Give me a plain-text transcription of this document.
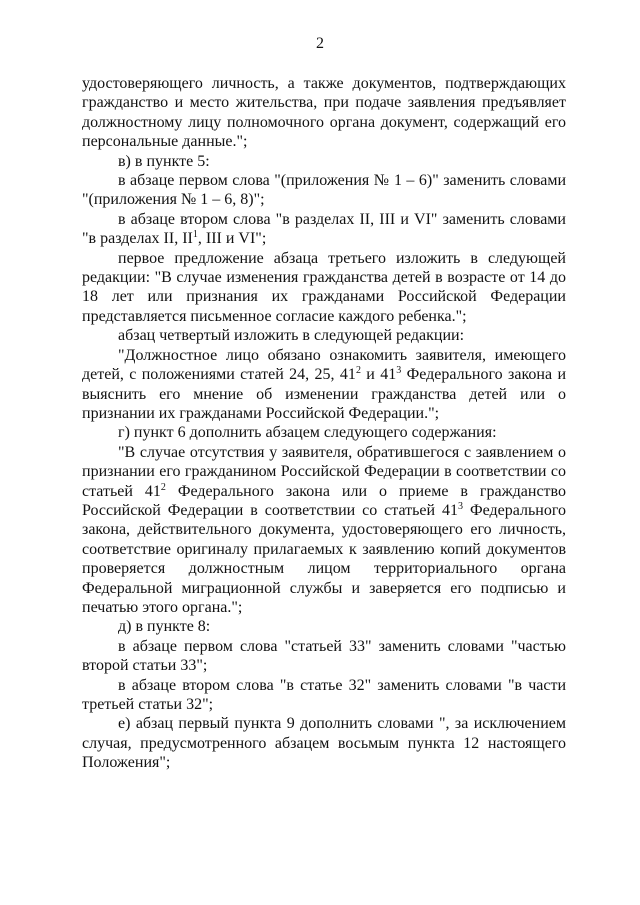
2

удостоверяющего личность, а также документов, подтверждающих гражданство и место жительства, при подаче заявления предъявляет должностному лицу полномочного органа документ, содержащий его персональные данные.";

в) в пункте 5:

в абзаце первом слова "(приложения № 1 – 6)" заменить словами "(приложения № 1 – 6, 8)";

в абзаце втором слова "в разделах II, III и VI" заменить словами "в разделах II, $II^1$, III и VI";

первое предложение абзаца третьего изложить в следующей редакции: "В случае изменения гражданства детей в возрасте от 14 до 18 лет или признания их гражданами Российской Федерации представляется письменное согласие каждого ребенка.";

абзац четвертый изложить в следующей редакции:

"Должностное лицо обязано ознакомить заявителя, имеющего детей, с положениями статей 24, 25, $41^2$ и $41^3$ Федерального закона и выяснить его мнение об изменении гражданства детей или о признании их гражданами Российской Федерации.";

г) пункт 6 дополнить абзацем следующего содержания:

"В случае отсутствия у заявителя, обратившегося с заявлением о признании его гражданином Российской Федерации в соответствии со статьей $41^2$ Федерального закона или о приеме в гражданство Российской Федерации в соответствии со статьей $41^3$ Федерального закона, действительного документа, удостоверяющего его личность, соответствие оригиналу прилагаемых к заявлению копий документов проверяется должностным лицом территориального органа Федеральной миграционной службы и заверяется его подписью и печатью этого органа.";

д) в пункте 8:

в абзаце первом слова "статьей 33" заменить словами "частью второй статьи 33";

в абзаце втором слова "в статье 32" заменить словами "в части третьей статьи 32";

е) абзац первый пункта 9 дополнить словами ", за исключением случая, предусмотренного абзацем восьмым пункта 12 настоящего Положения";
